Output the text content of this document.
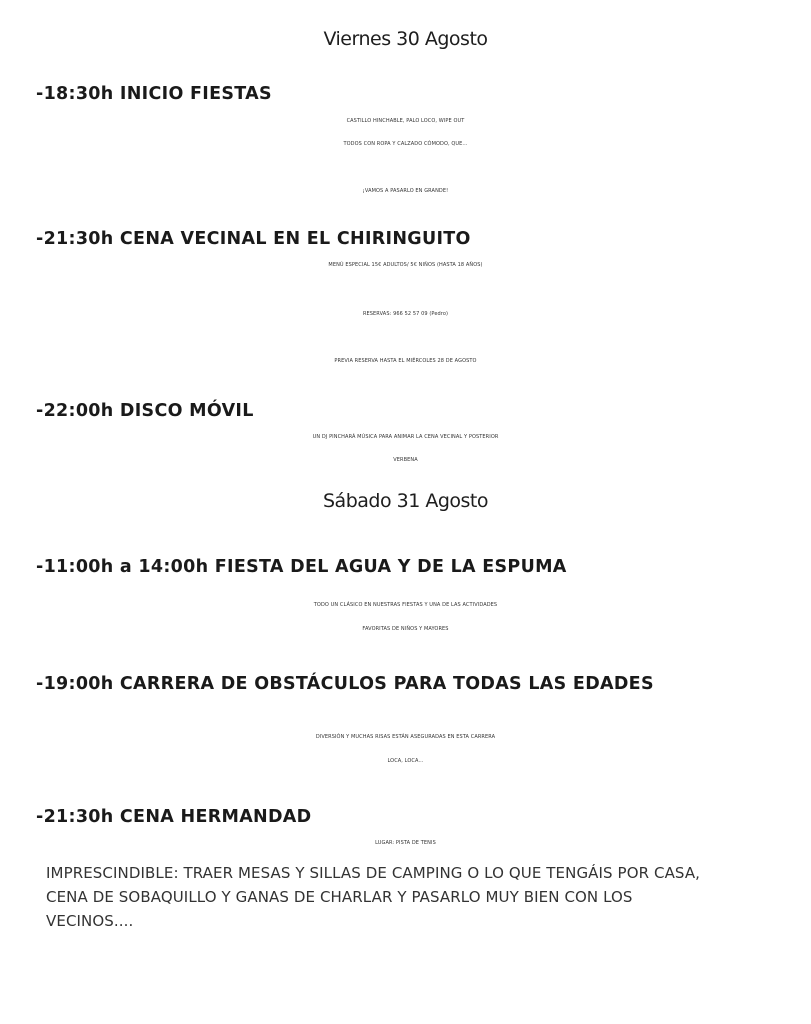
Viernes 30 Agosto
-18:30h INICIO FIESTAS

CASTILLO HINCHABLE, PALO LOCO, WIPE OUT

TODOS CON ROPA Y CALZADO CÓMODO, QUE...

¡VAMOS A PASARLO EN GRANDE!

-21:30h CENA VECINAL EN EL CHIRINGUITO

MENÚ ESPECIAL 15€ ADULTOS/ 5€ NIÑOS (HASTA 18 AÑOS)

RESERVAS: 966 52 57 09 (Pedro)

PREVIA RESERVA HASTA EL MIÉRCOLES 28 DE AGOSTO

-22:00h DISCO MÓVIL

UN DJ PINCHARÁ MÚSICA PARA ANIMAR LA CENA VECINAL Y POSTERIOR

VERBENA

Sábado 31 Agosto
-11:00h a 14:00h FIESTA DEL AGUA Y DE LA ESPUMA

TODO UN CLÁSICO EN NUESTRAS FIESTAS Y UNA DE LAS ACTIVIDADES

FAVORITAS DE NIÑOS Y MAYORES

-19:00h CARRERA DE OBSTÁCULOS PARA TODAS LAS EDADES

DIVERSIÓN Y MUCHAS RISAS ESTÁN ASEGURADAS EN ESTA CARRERA

LOCA, LOCA...

-21:30h CENA HERMANDAD

LUGAR: PISTA DE TENIS

IMPRESCINDIBLE: TRAER MESAS Y SILLAS DE CAMPING O LO QUE TENGÁIS POR CASA,

CENA DE SOBAQUILLO Y GANAS DE CHARLAR Y PASARLO MUY BIEN CON LOS

VECINOS....
